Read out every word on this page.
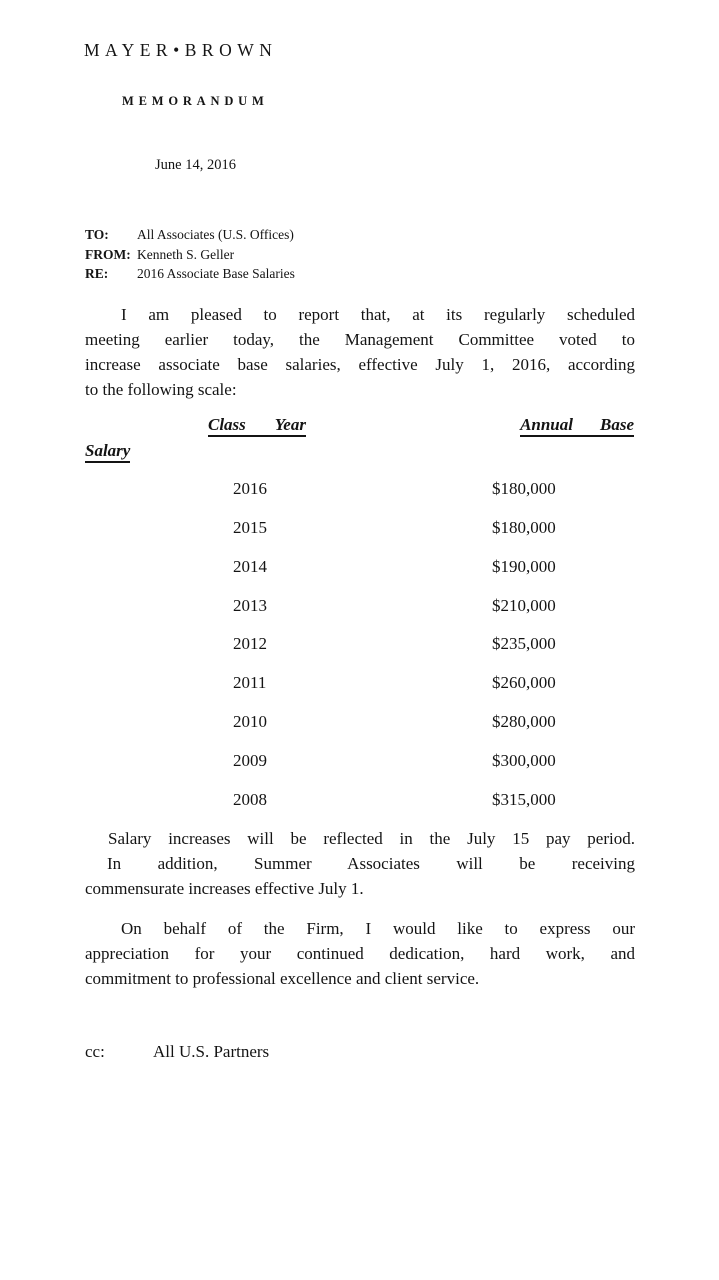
MAYER•BROWN
MEMORANDUM
June 14, 2016
TO: All Associates (U.S. Offices)
FROM: Kenneth S. Geller
RE: 2016 Associate Base Salaries
I am pleased to report that, at its regularly scheduled
meeting earlier today, the Management Committee voted to
increase associate base salaries, effective July 1, 2016, according
to the following scale:
Class Year	Annual Base
Salary
2016	$180,000
2015	$180,000
2014	$190,000
2013	$210,000
2012	$235,000
2011	$260,000
2010	$280,000
2009	$300,000
2008	$315,000
Salary increases will be reflected in the July 15 pay period.
In addition, Summer Associates will be receiving
commensurate increases effective July 1.
On behalf of the Firm, I would like to express our
appreciation for your continued dedication, hard work, and
commitment to professional excellence and client service.
cc:	All U.S. Partners
